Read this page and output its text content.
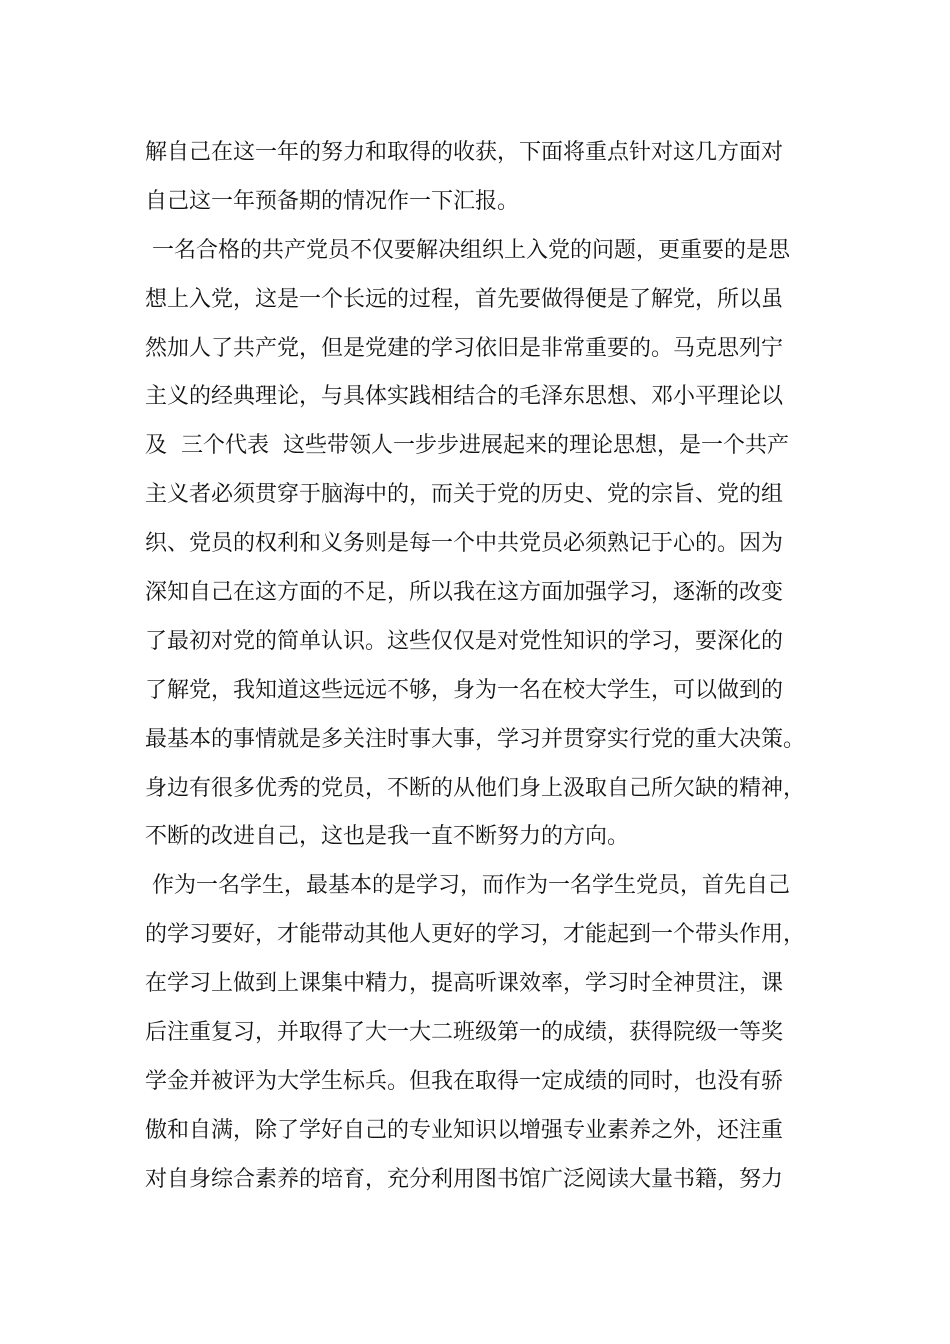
解自己在这一年的努力和取得的收获，下面将重点针对这几方面对
自己这一年预备期的情况作一下汇报。
一名合格的共产党员不仅要解决组织上入党的问题，更重要的是思
想上入党，这是一个长远的过程，首先要做得便是了解党，所以虽
然加人了共产党，但是党建的学习依旧是非常重要的。马克思列宁
主义的经典理论，与具体实践相结合的毛泽东思想、邓小平理论以
及  三个代表  这些带领人一步步进展起来的理论思想，是一个共产
主义者必须贯穿于脑海中的，而关于党的历史、党的宗旨、党的组
织、党员的权利和义务则是每一个中共党员必须熟记于心的。因为
深知自己在这方面的不足，所以我在这方面加强学习，逐渐的改变
了最初对党的简单认识。这些仅仅是对党性知识的学习，要深化的
了解党，我知道这些远远不够，身为一名在校大学生，可以做到的
最基本的事情就是多关注时事大事，学习并贯穿实行党的重大决策。
身边有很多优秀的党员，不断的从他们身上汲取自己所欠缺的精神，
不断的改进自己，这也是我一直不断努力的方向。
作为一名学生，最基本的是学习，而作为一名学生党员，首先自己
的学习要好，才能带动其他人更好的学习，才能起到一个带头作用，
在学习上做到上课集中精力，提高听课效率，学习时全神贯注，课
后注重复习，并取得了大一大二班级第一的成绩，获得院级一等奖
学金并被评为大学生标兵。但我在取得一定成绩的同时，也没有骄
傲和自满，除了学好自己的专业知识以增强专业素养之外，还注重
对自身综合素养的培育，充分利用图书馆广泛阅读大量书籍，努力
